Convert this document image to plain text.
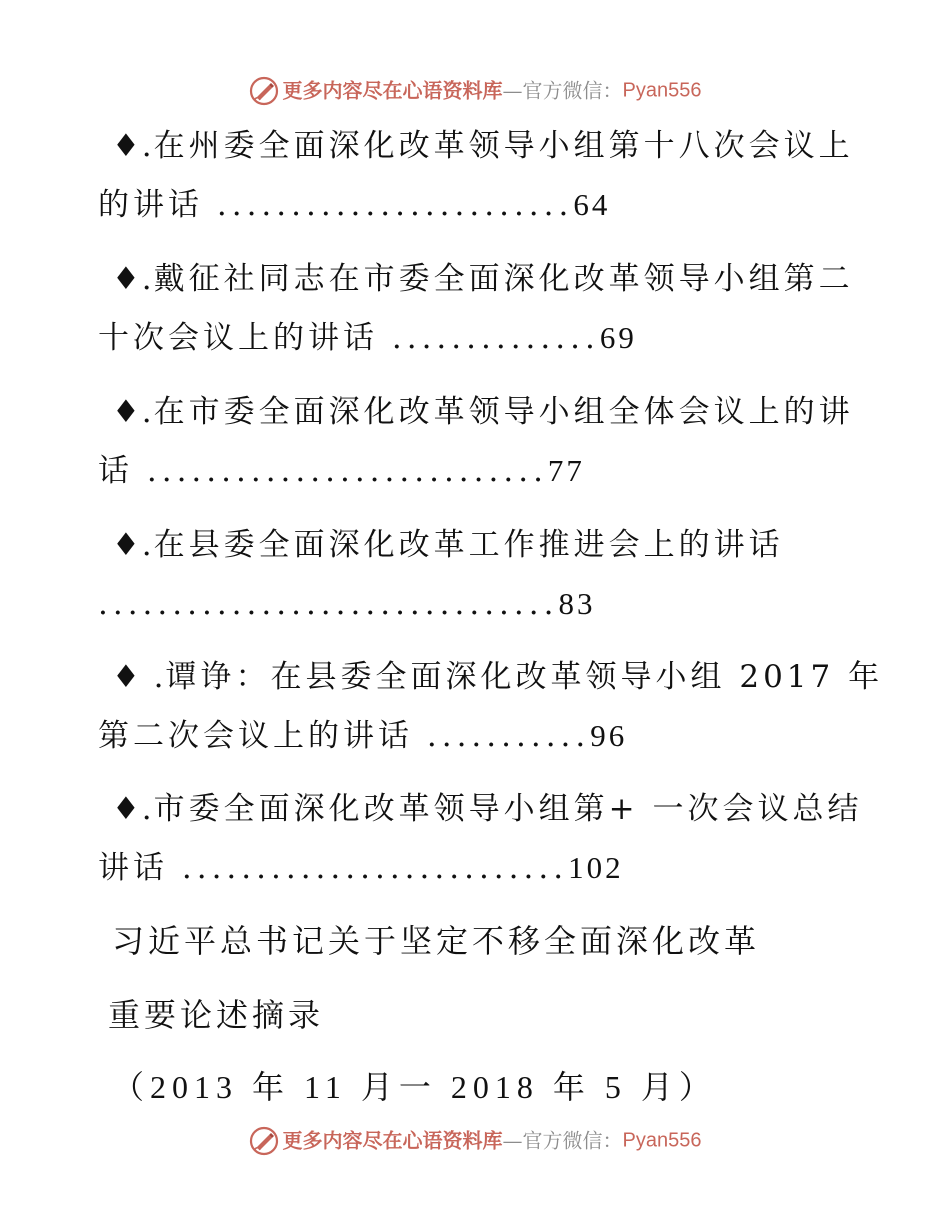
更多内容尽在心语资料库—官方微信：Pyan556
♦.在州委全面深化改革领导小组第十八次会议上
的讲话 ........................64
♦.戴征社同志在市委全面深化改革领导小组第二
十次会议上的讲话 ..............69
♦.在市委全面深化改革领导小组全体会议上的讲
话 ...........................77
♦.在县委全面深化改革工作推进会上的讲话
...............................83
♦ .谭诤：在县委全面深化改革领导小组 2017 年
第二次会议上的讲话 ...........96
♦.市委全面深化改革领导小组第+ 一次会议总结
讲话 ..........................102
习近平总书记关于坚定不移全面深化改革
重要论述摘录
（2013 年 11 月一 2018 年 5 月）
更多内容尽在心语资料库—官方微信：Pyan556
